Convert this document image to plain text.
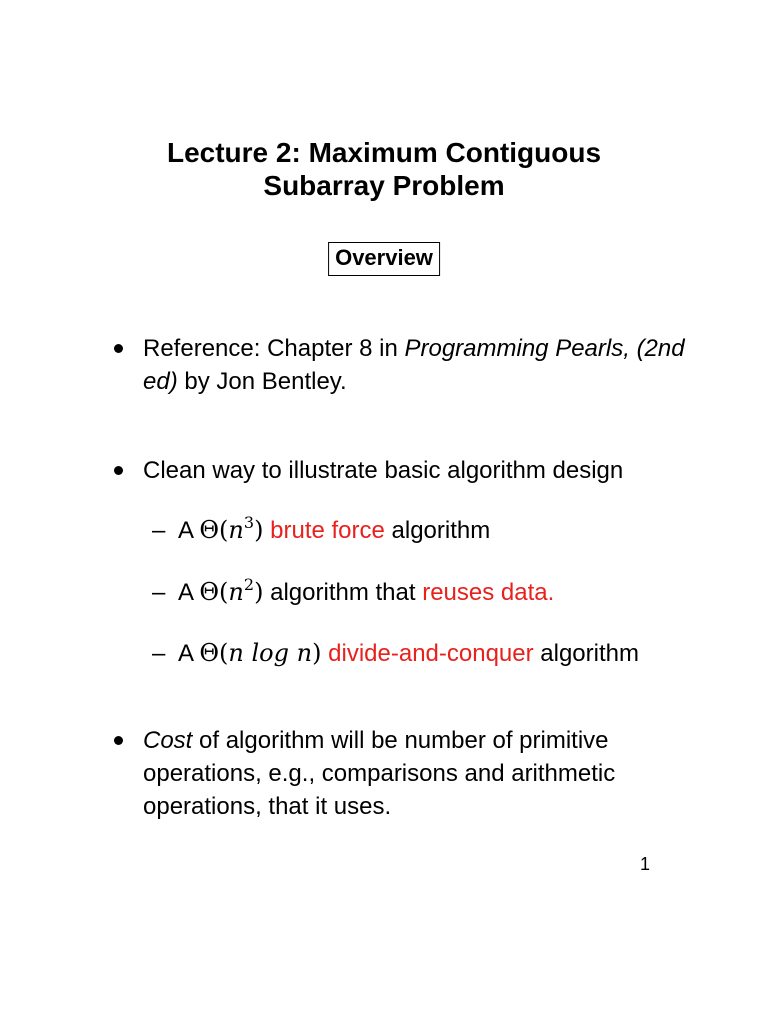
Lecture 2: Maximum Contiguous
Subarray Problem
Overview
Reference: Chapter 8 in Programming Pearls, (2nd ed) by Jon Bentley.
Clean way to illustrate basic algorithm design
– A $\Theta(n^3)$ brute force algorithm
– A $\Theta(n^2)$ algorithm that reuses data.
– A Θ(n log n) divide-and-conquer algorithm
Cost of algorithm will be number of primitive operations, e.g., comparisons and arithmetic operations, that it uses.
1
